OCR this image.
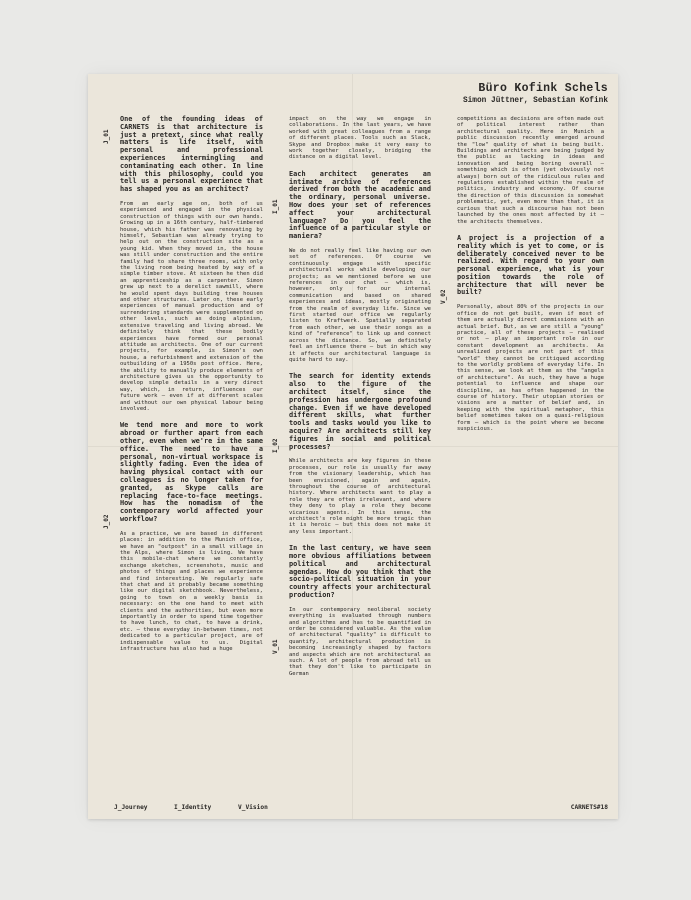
Büro Kofink Schels
Simon Jüttner, Sebastian Kofink
J_01
J_02
I_01
I_02
V_01
V_02

One of the founding ideas of CARNETS is that architecture is just a pretext, since what really matters is life itself, with personal and professional experiences intermingling and contaminating each other. In line with this philosophy, could you tell us a personal experience that has shaped you as an architect?

From an early age on, both of us experienced and engaged in the physical construction of things with our own hands. Growing up in a 16th century, half-timbered house, which his father was renovating by himself, Sebastian was already trying to help out on the construction site as a young kid. When they moved in, the house was still under construction and the entire family had to share three rooms, with only the living room being heated by way of a simple timber stove. At sixteen he then did an apprenticeship as a carpenter. Simon grew up next to a derelict sawmill, where he would spent days building tree houses and other structures. Later on, these early experiences of manual production and of surrendering standards were supplemented on other levels, such as doing alpinism, extensive traveling and living abroad. We definitely think that these bodily experiences have formed our personal attitude as architects. One of our current projects, for example, is Simon's own house, a refurbishment and extension of the outbuilding of a 1950s post office. Here, the ability to manually produce elements of architecture gives us the opportunity to develop simple details in a very direct way, which, in return, influences our future work – even if at different scales and without our own physical labour being involved.

We tend more and more to work abroad or further apart from each other, even when we're in the same office. The need to have a personal, non-virtual workspace is slightly fading. Even the idea of having physical contact with our colleagues is no longer taken for granted, as Skype calls are replacing face-to-face meetings. How has the nomadism of the contemporary world affected your workflow?

As a practice, we are based in different places: in addition to the Munich office, we have an "outpost" in a small village in the Alps, where Simon is living. We have this mobile-chat where we constantly exchange sketches, screenshots, music and photos of things and places we experience and find interesting. We regularly safe that chat and it probably became something like our digital sketchbook. Nevertheless, going to town on a weekly basis is necessary: on the one hand to meet with clients and the authorities, but even more importantly in order to spend time together to have lunch, to chat, to have a drink, etc. – these everyday in-between times, not dedicated to a particular project, are of indispensable value to us. Digital infrastructure has also had a huge

impact on the way we engage in collaborations. In the last years, we have worked with great colleagues from a range of different places. Tools such as Slack, Skype and Dropbox make it very easy to work together closely, bridging the distance on a digital level.

Each architect generates an intimate archive of references derived from both the academic and the ordinary, personal universe. How does your set of references affect your architectural language? Do you feel the influence of a particular style or maniera?

We do not really feel like having our own set of references. Of course we continuously engage with specific architectural works while developing our projects; as we mentioned before we use references in our chat – which is, however, only for our internal communication and based on shared experiences and ideas, mostly originating from the realm of everyday life. Since we first started our office we regularly listen to Kraftwerk. Spatially separated from each other, we use their songs as a kind of "reference" to link up and connect across the distance. So, we definitely feel an influence there – but in which way it affects our architectural language is quite hard to say.

The search for identity extends also to the figure of the architect itself, since the profession has undergone profound change. Even if we have developed different skills, what further tools and tasks would you like to acquire? Are architects still key figures in social and political processes?

While architects are key figures in these processes, our role is usually far away from the visionary leadership, which has been envisioned, again and again, throughout the course of architectural history. Where architects want to play a role they are often irrelevant, and where they deny to play a role they become vicarious agents. In this sense, the architect's role might be more tragic than it is heroic – but this does not make it any less important.

In the last century, we have seen more obvious affiliations between political and architectural agendas. How do you think that the socio-political situation in your country affects your architectural production?

In our contemporary neoliberal society everything is evaluated through numbers and algorithms and has to be quantified in order be considered valuable. As the value of architectural "quality" is difficult to quantify, architectural production is becoming increasingly shaped by factors and aspects which are not architectural as such. A lot of people from abroad tell us that they don't like to participate in German

competitions as decisions are often made out of political interest rather than architectural quality. Here in Munich a public discussion recently emerged around the "low" quality of what is being built. Buildings and architects are being judged by the public as lacking in ideas and innovation and being boring overall – something which is often (yet obviously not always) born out of the ridiculous rules and regulations established within the realm of politics, industry and economy. Of course the direction of this discussion is somewhat problematic, yet, even more than that, it is curious that such a discourse has not been launched by the ones most affected by it – the architects themselves.

A project is a projection of a reality which is yet to come, or is deliberately conceived never to be realized. With regard to your own personal experience, what is your position towards the role of architecture that will never be built?

Personally, about 80% of the projects in our office do not get built, even if most of them are actually direct commissions with an actual brief. But, as we are still a "young" practice, all of these projects – realised or not – play an important role in our constant development as architects. As unrealized projects are not part of this "world" they cannot be critiqued according to the worldly problems of everyday life. In this sense, we look at them as the "angels of architecture". As such, they have a huge potential to influence and shape our discipline, as has often happened in the course of history. Their utopian stories or visions are a matter of belief and, in keeping with the spiritual metaphor, this belief sometimes takes on a quasi-religious form – which is the point where we become suspicious.

J_Journey	I_Identity	V_Vision	CARNETS#18
